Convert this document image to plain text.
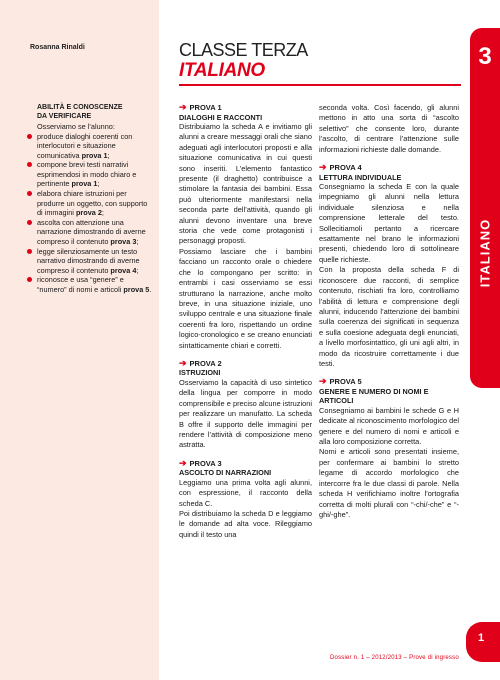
Rosanna Rinaldi
ABILITÀ E CONOSCENZE
DA VERIFICARE
Osserviamo se l’alunno:
produce dialoghi coerenti con interlocutori e situazione comunicativa prova 1;
compone brevi testi narrativi esprimendosi in modo chiaro e pertinente prova 1;
elabora chiare istruzioni per produrre un oggetto, con supporto di immagini prova 2;
ascolta con attenzione una narrazione dimostrando di averne compreso il contenuto prova 3;
legge silenziosamente un testo narrativo dimostrando di averne compreso il contenuto prova 4;
riconosce e usa “genere” e “numero” di nomi e articoli prova 5.
CLASSE TERZA
ITALIANO
3
ITALIANO
➔ PROVA 1
DIALOGHI E RACCONTI
Distribuiamo la scheda A e invitiamo gli alunni a creare messaggi orali che siano adeguati agli interlocutori proposti e alla situazione comunicativa in cui questi sono inseriti. L’elemento fantastico presente (il draghetto) contribuisce a stimolare la fantasia dei bambini. Essa può ulteriormente manifestarsi nella seconda parte dell’attività, quando gli alunni devono inventare una breve storia che vede come protagonisti i personaggi proposti.
Possiamo lasciare che i bambini facciano un racconto orale o chiedere che lo compongano per scritto: in entrambi i casi osserviamo se essi strutturano la narrazione, anche molto breve, in una situazione iniziale, uno sviluppo centrale e una situazione finale coerenti fra loro, rispettando un ordine logico-cronologico e se creano enunciati sintatticamente chiari e corretti.
➔ PROVA 2
ISTRUZIONI
Osserviamo la capacità di uso sintetico della lingua per comporre in modo comprensibile e preciso alcune istruzioni per realizzare un manufatto. La scheda B offre il supporto delle immagini per rendere l’attività di composizione meno astratta.
➔ PROVA 3
ASCOLTO DI NARRAZIONI
Leggiamo una prima volta agli alunni, con espressione, il racconto della scheda C.
Poi distribuiamo la scheda D e leggiamo le domande ad alta voce. Rileggiamo quindi il testo una
seconda volta. Così facendo, gli alunni mettono in atto una sorta di “ascolto selettivo” che consente loro, durante l’ascolto, di centrare l’attenzione sulle informazioni richieste dalle domande.
➔ PROVA 4
LETTURA INDIVIDUALE
Consegniamo la scheda E con la quale impegniamo gli alunni nella lettura individuale silenziosa e nella comprensione letterale del testo. Sollecitiamoli pertanto a ricercare esattamente nel brano le informazioni presenti, chiedendo loro di sottolineare quelle richieste.
Con la proposta della scheda F di riconoscere due racconti, di semplice contenuto, rischiati fra loro, controlliamo l’abilità di lettura e comprensione degli alunni, inducendo l’attenzione dei bambini sulla coerenza dei significati in sequenza e sulla coesione adeguata degli enunciati, a livello morfosintattico, gli uni agli altri, in modo da ricostruire correttamente i due testi.
➔ PROVA 5
GENERE E NUMERO DI NOMI E ARTICOLI
Consegniamo ai bambini le schede G e H dedicate al riconoscimento morfologico del genere e del numero di nomi e articoli e alla loro composizione corretta.
Nomi e articoli sono presentati insieme, per confermare ai bambini lo stretto legame di accordo morfologico che intercorre fra le due classi di parole. Nella scheda H verifichiamo inoltre l’ortografia corretta di molti plurali con “-chi/-che” e “-ghi/-ghe”.
Dossier n. 1 – 2012/2013 – Prove di ingresso
1
